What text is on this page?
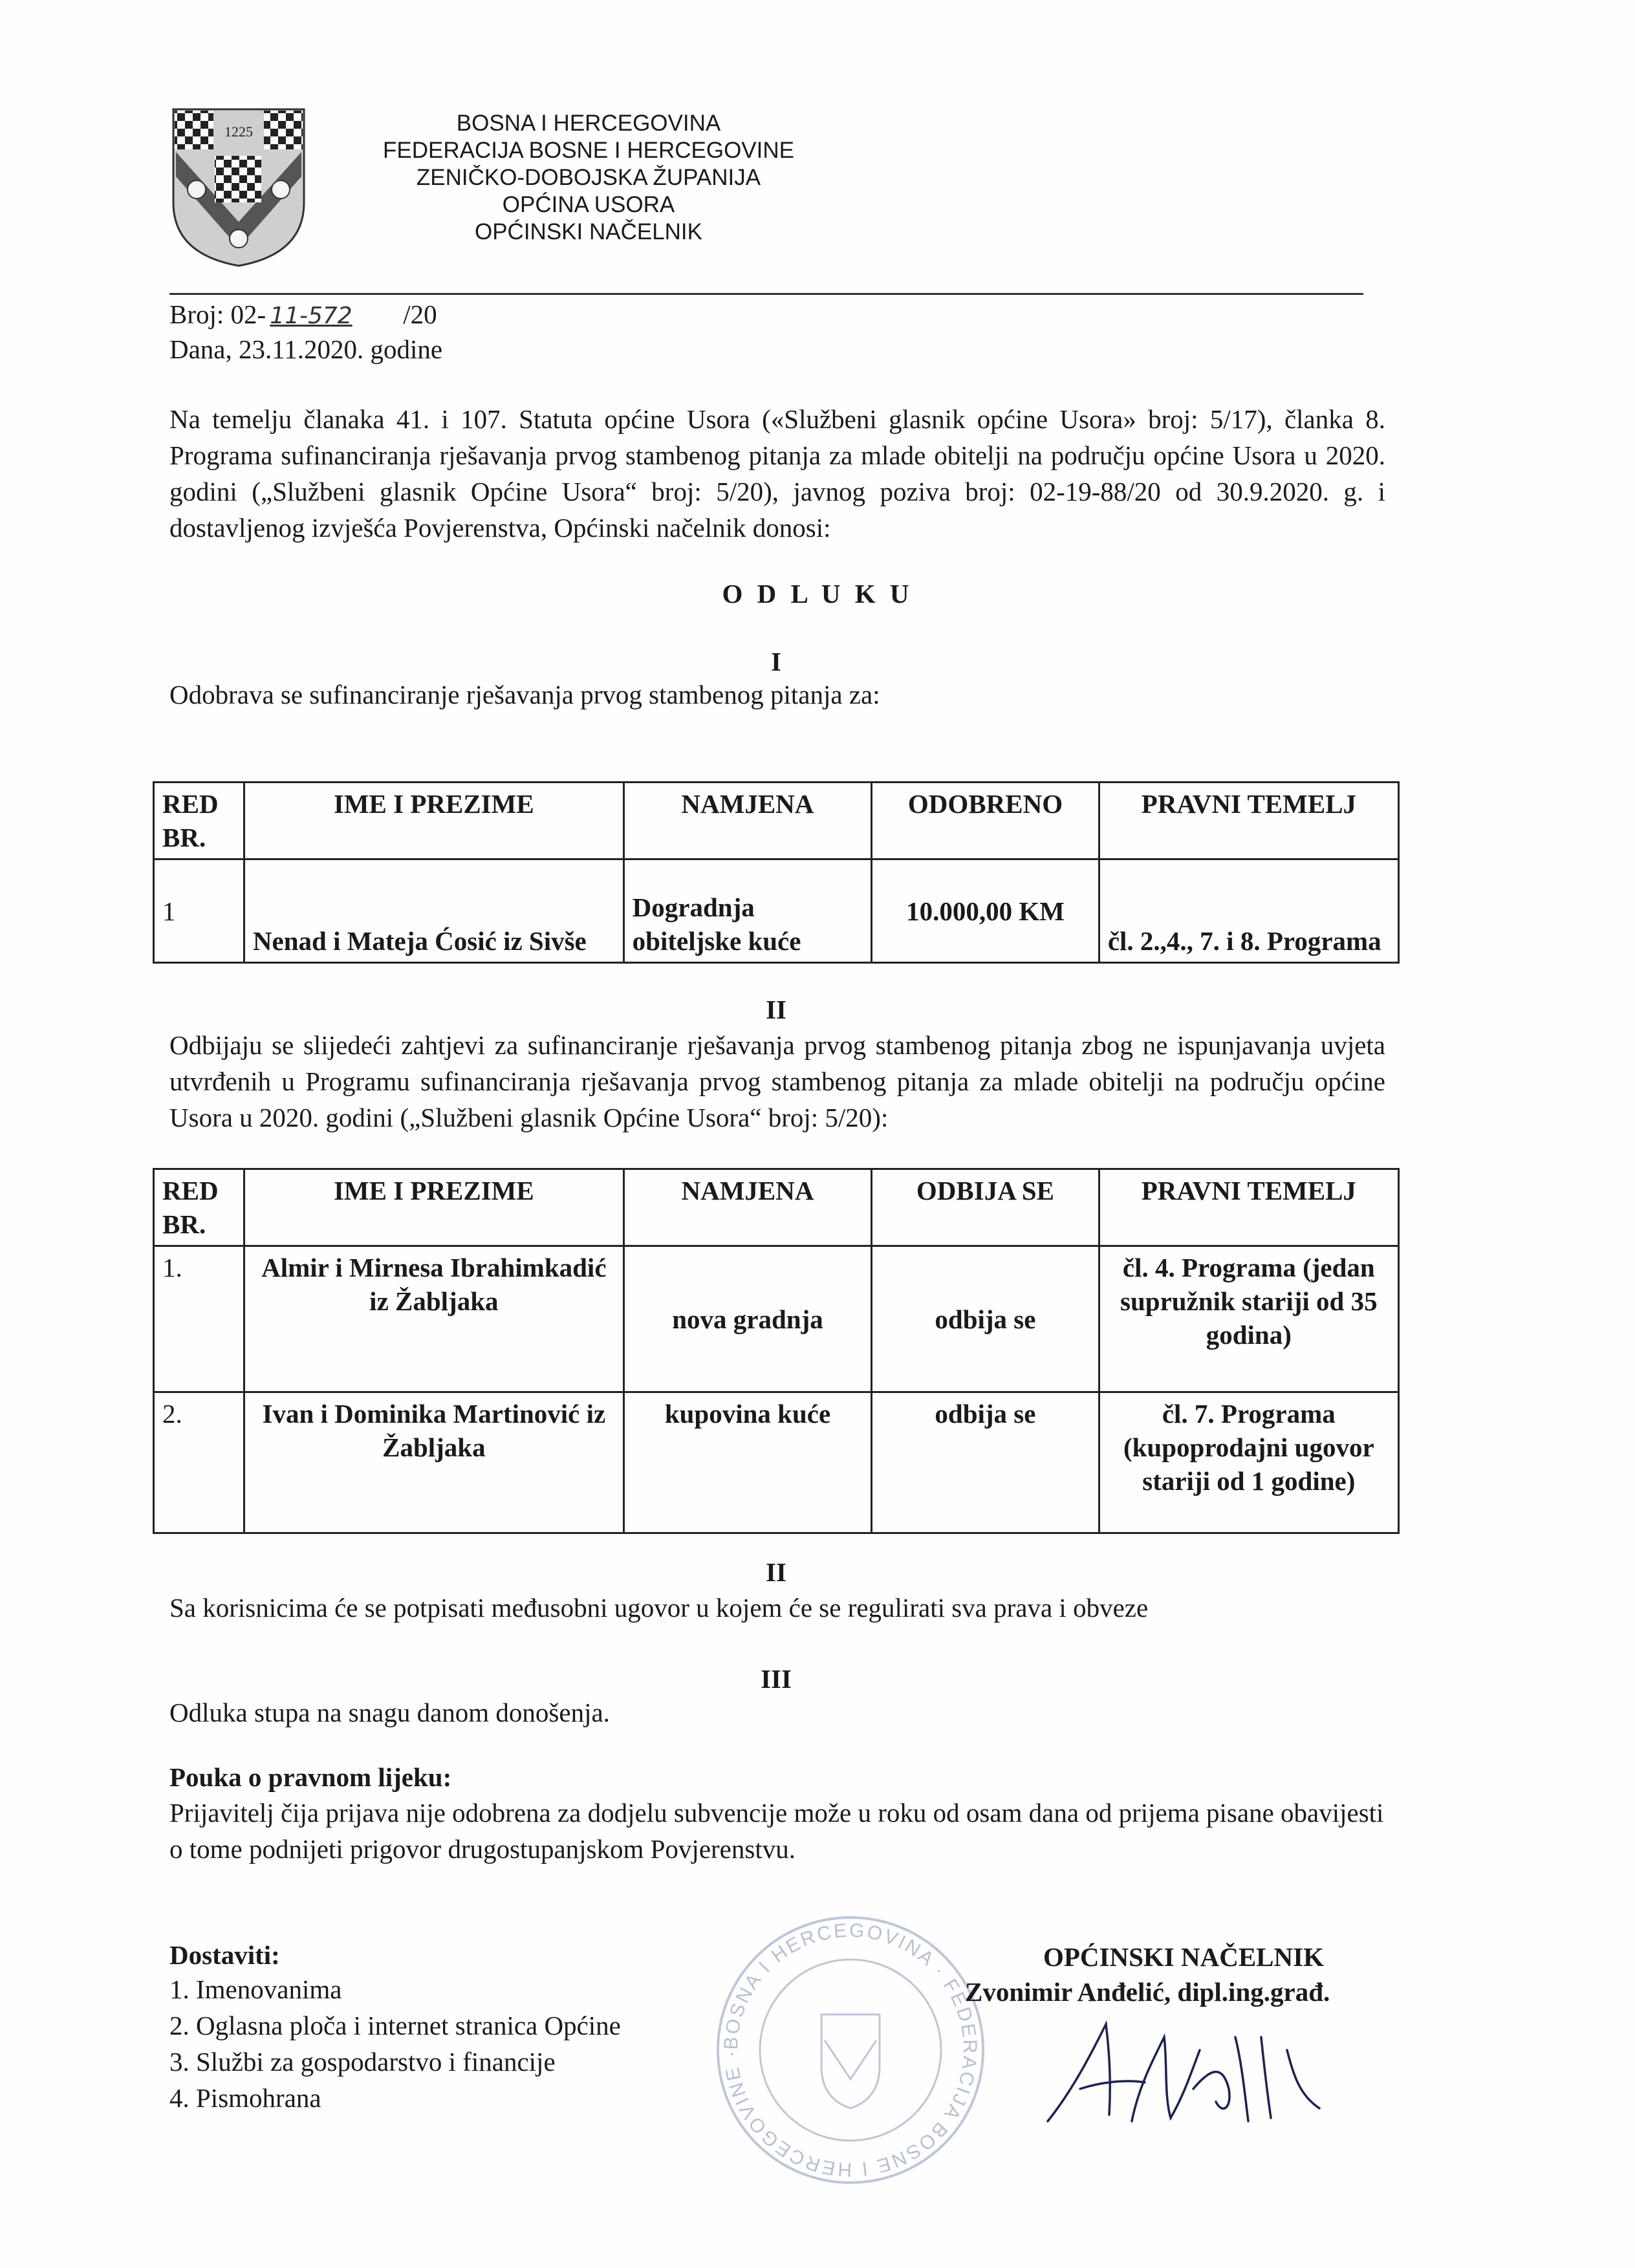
1225	BOSNA I HERCEGOVINA
FEDERACIJA BOSNE I HERCEGOVINE
ZENIČKO-DOBOJSKA ŽUPANIJA
OPĆINA USORA
OPĆINSKI NAČELNIK
Broj: 02- 11-572 /20
Dana, 23.11.2020. godine
Na temelju članaka 41. i 107. Statuta općine Usora («Službeni glasnik općine Usora» broj: 5/17), članka 8. Programa sufinanciranja rješavanja prvog stambenog pitanja za mlade obitelji na području općine Usora u 2020. godini („Službeni glasnik Općine Usora“ broj: 5/20), javnog poziva broj: 02-19-88/20 od 30.9.2020. g. i dostavljenog izvješća Povjerenstva, Općinski načelnik donosi:
O D L U K U
I
Odobrava se sufinanciranje rješavanja prvog stambenog pitanja za:
RED BR.	IME I PREZIME	NAMJENA	ODOBRENO	PRAVNI TEMELJ
1	Nenad i Mateja Ćosić iz Sivše	Dogradnja obiteljske kuće	10.000,00 KM	čl. 2.,4., 7. i 8. Programa
II
Odbijaju se slijedeći zahtjevi za sufinanciranje rješavanja prvog stambenog pitanja zbog ne ispunjavanja uvjeta utvrđenih u Programu sufinanciranja rješavanja prvog stambenog pitanja za mlade obitelji na području općine Usora u 2020. godini („Službeni glasnik Općine Usora“ broj: 5/20):
RED BR.	IME I PREZIME	NAMJENA	ODBIJA SE	PRAVNI TEMELJ
1.	Almir i Mirnesa Ibrahimkadić iz Žabljaka	nova gradnja	odbija se	čl. 4. Programa (jedan supružnik stariji od 35 godina)
2.	Ivan i Dominika Martinović iz Žabljaka	kupovina kuće	odbija se	čl. 7. Programa (kupoprodajni ugovor stariji od 1 godine)
II
Sa korisnicima će se potpisati međusobni ugovor u kojem će se regulirati sva prava i obveze
III
Odluka stupa na snagu danom donošenja.
Pouka o pravnom lijeku:
Prijavitelj čija prijava nije odobrena za dodjelu subvencije može u roku od osam dana od prijema pisane obavijesti o tome podnijeti prigovor drugostupanjskom Povjerenstvu.
BOSNA I HERCEGOVINA · FEDERACIJA BOSNE I HERCEGOVINE ·
Dostaviti:
1. Imenovanima
2. Oglasna ploča i internet stranica Općine
3. Službi za gospodarstvo i financije
4. Pismohrana
OPĆINSKI NAČELNIK
Zvonimir Anđelić, dipl.ing.građ.
